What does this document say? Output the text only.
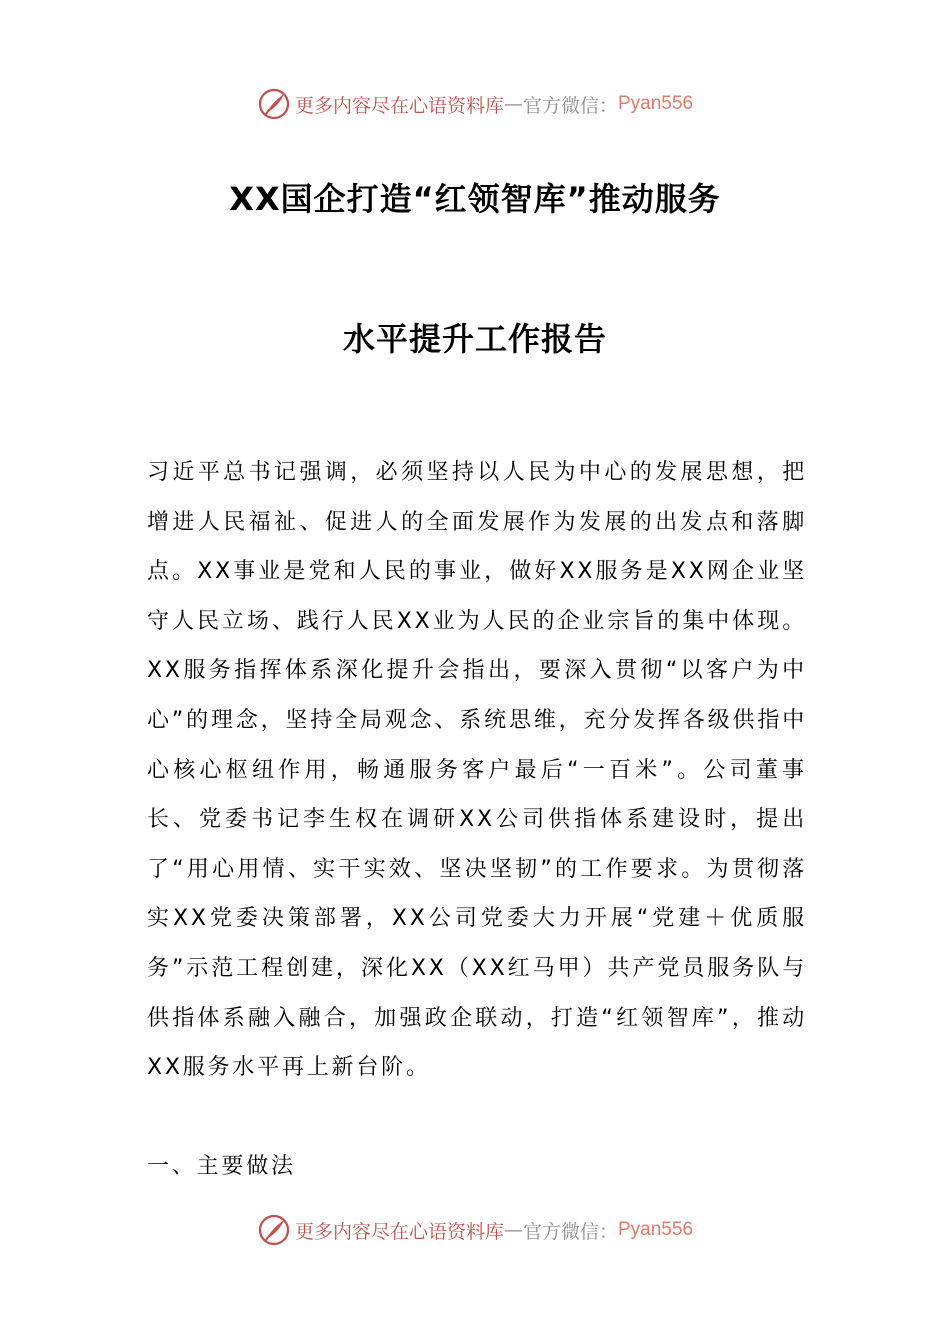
更多内容尽在心语资料库 — 官方微信： Pyan556
XX国企打造“红领智库”推动服务
水平提升工作报告

习近平总书记强调，必须坚持以人民为中心的发展思想，把增进人民福祉、促进人的全面发展作为发展的出发点和落脚点。XX事业是党和人民的事业，做好XX服务是XX网企业坚守人民立场、践行人民XX业为人民的企业宗旨的集中体现。XX服务指挥体系深化提升会指出，要深入贯彻“以客户为中心”的理念，坚持全局观念、系统思维，充分发挥各级供指中心核心枢纽作用，畅通服务客户最后“一百米”。公司董事长、党委书记李生权在调研XX公司供指体系建设时，提出了“用心用情、实干实效、坚决坚韧”的工作要求。为贯彻落实XX党委决策部署，XX公司党委大力开展“党建＋优质服务”示范工程创建，深化XX（XX红马甲）共产党员服务队与供指体系融入融合，加强政企联动，打造“红领智库”，推动XX服务水平再上新台阶。

一、主要做法
更多内容尽在心语资料库 — 官方微信： Pyan556
